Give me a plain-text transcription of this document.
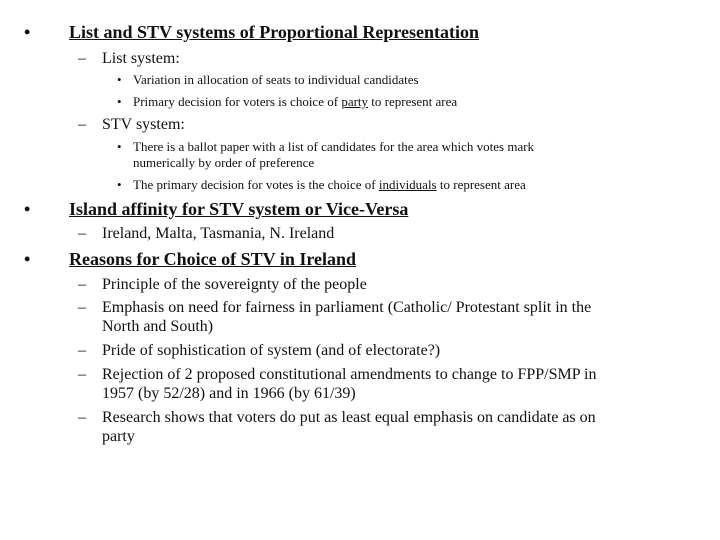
• List and STV systems of Proportional Representation
– List system:
• Variation in allocation of seats to individual candidates
• Primary decision for voters is choice of party to represent area
– STV system:
• There is a ballot paper with a list of candidates for the area which votes mark
numerically by order of preference
• The primary decision for votes is the choice of individuals to represent area
• Island affinity for STV system or Vice-Versa
– Ireland, Malta, Tasmania, N. Ireland
• Reasons for Choice of STV in Ireland
– Principle of the sovereignty of the people
– Emphasis on need for fairness in parliament (Catholic/ Protestant split in the
North and South)
– Pride of sophistication of system (and of electorate?)
– Rejection of 2 proposed constitutional amendments to change to FPP/SMP in
1957 (by 52/28) and in 1966 (by 61/39)
– Research shows that voters do put as least equal emphasis on candidate as on
party
